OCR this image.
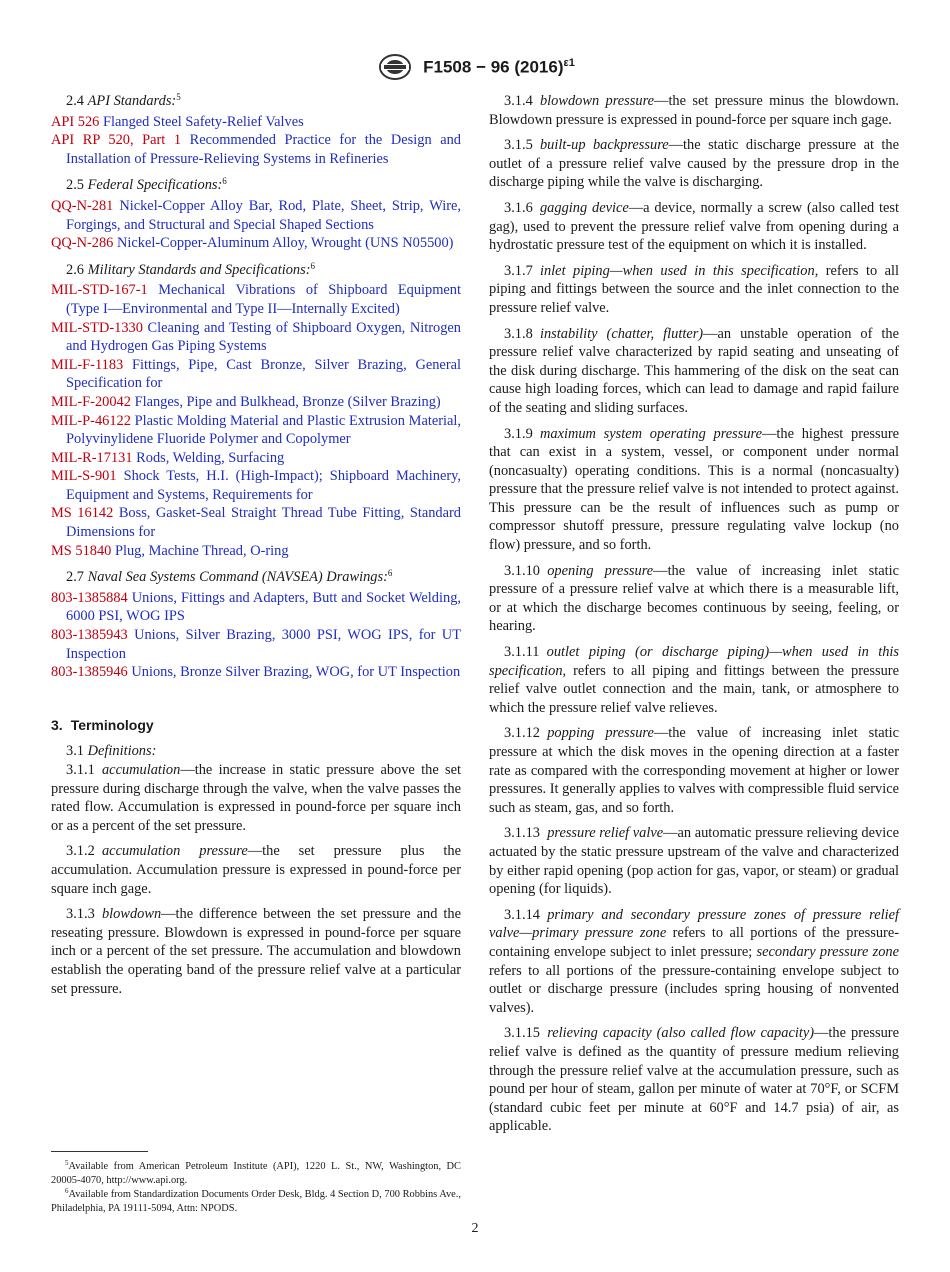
F1508 − 96 $(2016)^{\varepsilon 1}$
2.4 API Standards:$^5$
API 526 Flanged Steel Safety-Relief Valves
API RP 520, Part 1 Recommended Practice for the Design and Installation of Pressure-Relieving Systems in Refineries
2.5 Federal Specifications:$^6$
QQ-N-281 Nickel-Copper Alloy Bar, Rod, Plate, Sheet, Strip, Wire, Forgings, and Structural and Special Shaped Sections
QQ-N-286 Nickel-Copper-Aluminum Alloy, Wrought (UNS N05500)
2.6 Military Standards and Specifications:$^6$
MIL-STD-167-1 Mechanical Vibrations of Shipboard Equipment (Type I—Environmental and Type II—Internally Excited)
MIL-STD-1330 Cleaning and Testing of Shipboard Oxygen, Nitrogen and Hydrogen Gas Piping Systems
MIL-F-1183 Fittings, Pipe, Cast Bronze, Silver Brazing, General Specification for
MIL-F-20042 Flanges, Pipe and Bulkhead, Bronze (Silver Brazing)
MIL-P-46122 Plastic Molding Material and Plastic Extrusion Material, Polyvinylidene Fluoride Polymer and Copolymer
MIL-R-17131 Rods, Welding, Surfacing
MIL-S-901 Shock Tests, H.I. (High-Impact); Shipboard Machinery, Equipment and Systems, Requirements for
MS 16142 Boss, Gasket-Seal Straight Thread Tube Fitting, Standard Dimensions for
MS 51840 Plug, Machine Thread, O-ring
2.7 Naval Sea Systems Command (NAVSEA) Drawings:$^6$
803-1385884 Unions, Fittings and Adapters, Butt and Socket Welding, 6000 PSI, WOG IPS
803-1385943 Unions, Silver Brazing, 3000 PSI, WOG IPS, for UT Inspection
803-1385946 Unions, Bronze Silver Brazing, WOG, for UT Inspection
3. Terminology
3.1 Definitions:
3.1.1  accumulation—the increase in static pressure above the set pressure during discharge through the valve, when the valve passes the rated flow. Accumulation is expressed in pound-force per square inch or as a percent of the set pressure.
3.1.2  accumulation pressure—the set pressure plus the accumulation. Accumulation pressure is expressed in pound-force per square inch gage.
3.1.3  blowdown—the difference between the set pressure and the reseating pressure. Blowdown is expressed in pound-force per square inch or a percent of the set pressure. The accumulation and blowdown establish the operating band of the pressure relief valve at a particular set pressure.
3.1.4  blowdown pressure—the set pressure minus the blowdown. Blowdown pressure is expressed in pound-force per square inch gage.
3.1.5  built-up backpressure—the static discharge pressure at the outlet of a pressure relief valve caused by the pressure drop in the discharge piping while the valve is discharging.
3.1.6  gagging device—a device, normally a screw (also called test gag), used to prevent the pressure relief valve from opening during a hydrostatic pressure test of the equipment on which it is installed.
3.1.7  inlet piping—when used in this specification, refers to all piping and fittings between the source and the inlet connection to the pressure relief valve.
3.1.8  instability (chatter, flutter)—an unstable operation of the pressure relief valve characterized by rapid seating and unseating of the disk during discharge. This hammering of the disk on the seat can cause high loading forces, which can lead to damage and rapid failure of the seating and sliding surfaces.
3.1.9  maximum system operating pressure—the highest pressure that can exist in a system, vessel, or component under normal (noncasualty) operating conditions. This is a normal (noncasualty) pressure that the pressure relief valve is not intended to protect against. This pressure can be the result of influences such as pump or compressor shutoff pressure, pressure regulating valve lockup (no flow) pressure, and so forth.
3.1.10  opening pressure—the value of increasing inlet static pressure of a pressure relief valve at which there is a measurable lift, or at which the discharge becomes continuous by seeing, feeling, or hearing.
3.1.11  outlet piping (or discharge piping)—when used in this specification, refers to all piping and fittings between the pressure relief valve outlet connection and the main, tank, or atmosphere to which the pressure relief valve relieves.
3.1.12  popping pressure—the value of increasing inlet static pressure at which the disk moves in the opening direction at a faster rate as compared with the corresponding movement at higher or lower pressures. It generally applies to valves with compressible fluid service such as steam, gas, and so forth.
3.1.13  pressure relief valve—an automatic pressure relieving device actuated by the static pressure upstream of the valve and characterized by either rapid opening (pop action for gas, vapor, or steam) or gradual opening (for liquids).
3.1.14  primary and secondary pressure zones of pressure relief valve—primary pressure zone refers to all portions of the pressure-containing envelope subject to inlet pressure; secondary pressure zone refers to all portions of the pressure-containing envelope subject to outlet or discharge pressure (includes spring housing of nonvented valves).
3.1.15  relieving capacity (also called flow capacity)—the pressure relief valve is defined as the quantity of pressure medium relieving through the pressure relief valve at the accumulation pressure, such as pound per hour of steam, gallon per minute of water at 70°F, or SCFM (standard cubic feet per minute at 60°F and 14.7 psia) of air, as applicable.
$^5$Available from American Petroleum Institute (API), 1220 L. St., NW, Washington, DC 20005-4070, http://www.api.org.
$^6$Available from Standardization Documents Order Desk, Bldg. 4 Section D, 700 Robbins Ave., Philadelphia, PA 19111-5094, Attn: NPODS.
2
